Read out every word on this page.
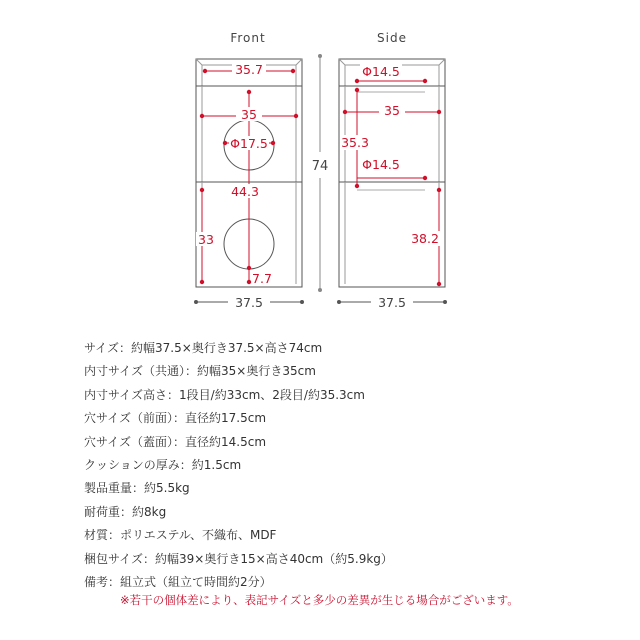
Front	Side
35.7
35
Φ17.5
44.3
33
7.7
37.5
74
Φ14.5
35
35.3
Φ14.5
38.2
37.5
サイズ：約幅37.5×奥行き37.5×高さ74cm
内寸サイズ（共通）：約幅35×奥行き35cm
内寸サイズ高さ：1段目/約33cm、2段目/約35.3cm
穴サイズ（前面）：直径約17.5cm
穴サイズ（蓋面）：直径約14.5cm
クッションの厚み：約1.5cm
製品重量：約5.5kg
耐荷重：約8kg
材質：ポリエステル、不織布、MDF
梱包サイズ：約幅39×奥行き15×高さ40cm（約5.9kg）
備考：組立式（組立て時間約2分）
※若干の個体差により、表記サイズと多少の差異が生じる場合がございます。
